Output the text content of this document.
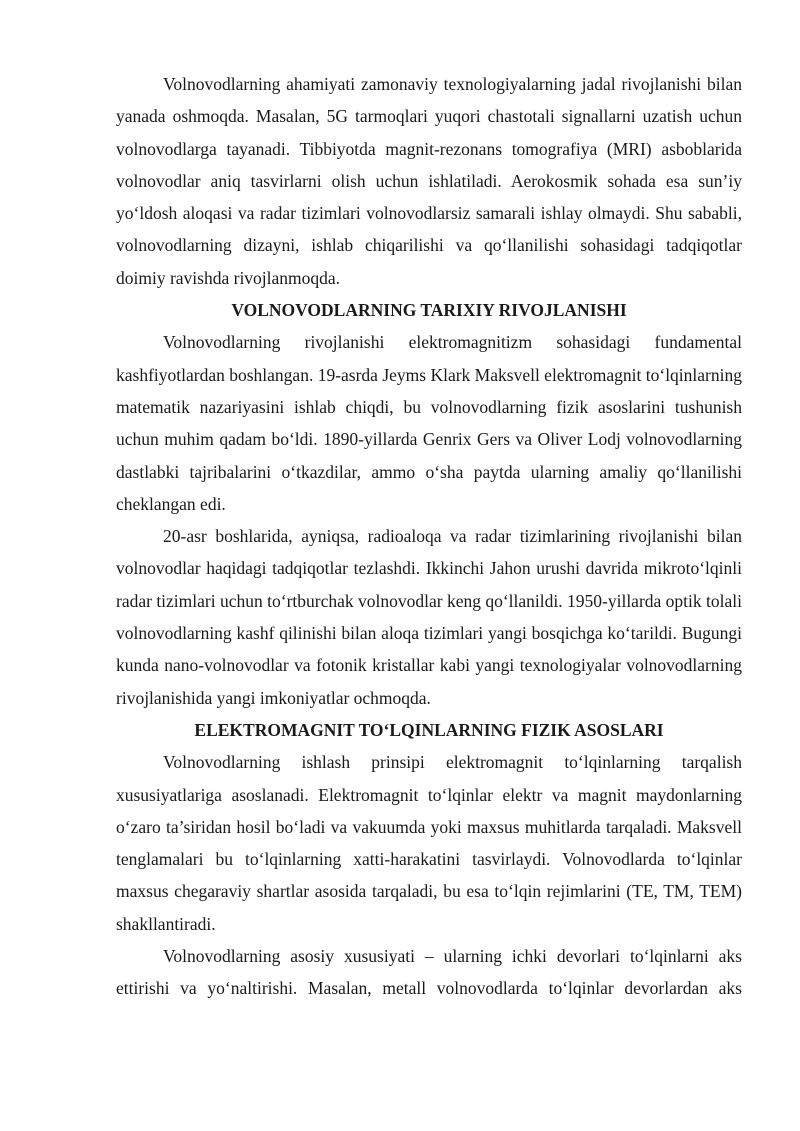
Volnovodlarning ahamiyati zamonaviy texnologiyalarning jadal rivojlanishi bilan yanada oshmoqda. Masalan, 5G tarmoqlari yuqori chastotali signallarni uzatish uchun volnovodlarga tayanadi. Tibbiyotda magnit-rezonans tomografiya (MRI) asboblarida volnovodlar aniq tasvirlarni olish uchun ishlatiladi. Aerokosmik sohada esa sun’iy yo‘ldosh aloqasi va radar tizimlari volnovodlarsiz samarali ishlay olmaydi. Shu sababli, volnovodlarning dizayni, ishlab chiqarilishi va qo‘llanilishi sohasidagi tadqiqotlar doimiy ravishda rivojlanmoqda.

VOLNOVODLARNING TARIXIY RIVOJLANISHI

Volnovodlarning rivojlanishi elektromagnitizm sohasidagi fundamental kashfiyotlardan boshlangan. 19-asrda Jeyms Klark Maksvell elektromagnit to‘lqinlarning matematik nazariyasini ishlab chiqdi, bu volnovodlarning fizik asoslarini tushunish uchun muhim qadam bo‘ldi. 1890-yillarda Genrix Gers va Oliver Lodj volnovodlarning dastlabki tajribalarini o‘tkazdilar, ammo o‘sha paytda ularning amaliy qo‘llanilishi cheklangan edi.

20-asr boshlarida, ayniqsa, radioaloqa va radar tizimlarining rivojlanishi bilan volnovodlar haqidagi tadqiqotlar tezlashdi. Ikkinchi Jahon urushi davrida mikroto‘lqinli radar tizimlari uchun to‘rtburchak volnovodlar keng qo‘llanildi. 1950-yillarda optik tolali volnovodlarning kashf qilinishi bilan aloqa tizimlari yangi bosqichga ko‘tarildi. Bugungi kunda nano-volnovodlar va fotonik kristallar kabi yangi texnologiyalar volnovodlarning rivojlanishida yangi imkoniyatlar ochmoqda.

ELEKTROMAGNIT TO‘LQINLARNING FIZIK ASOSLARI

Volnovodlarning ishlash prinsipi elektromagnit to‘lqinlarning tarqalish xususiyatlariga asoslanadi. Elektromagnit to‘lqinlar elektr va magnit maydonlarning o‘zaro ta’siridan hosil bo‘ladi va vakuumda yoki maxsus muhitlarda tarqaladi. Maksvell tenglamalari bu to‘lqinlarning xatti-harakatini tasvirlaydi. Volnovodlarda to‘lqinlar maxsus chegaraviy shartlar asosida tarqaladi, bu esa to‘lqin rejimlarini (TE, TM, TEM) shakllantiradi.

Volnovodlarning asosiy xususiyati – ularning ichki devorlari to‘lqinlarni aks ettirishi va yo‘naltirishi. Masalan, metall volnovodlarda to‘lqinlar devorlardan aks
